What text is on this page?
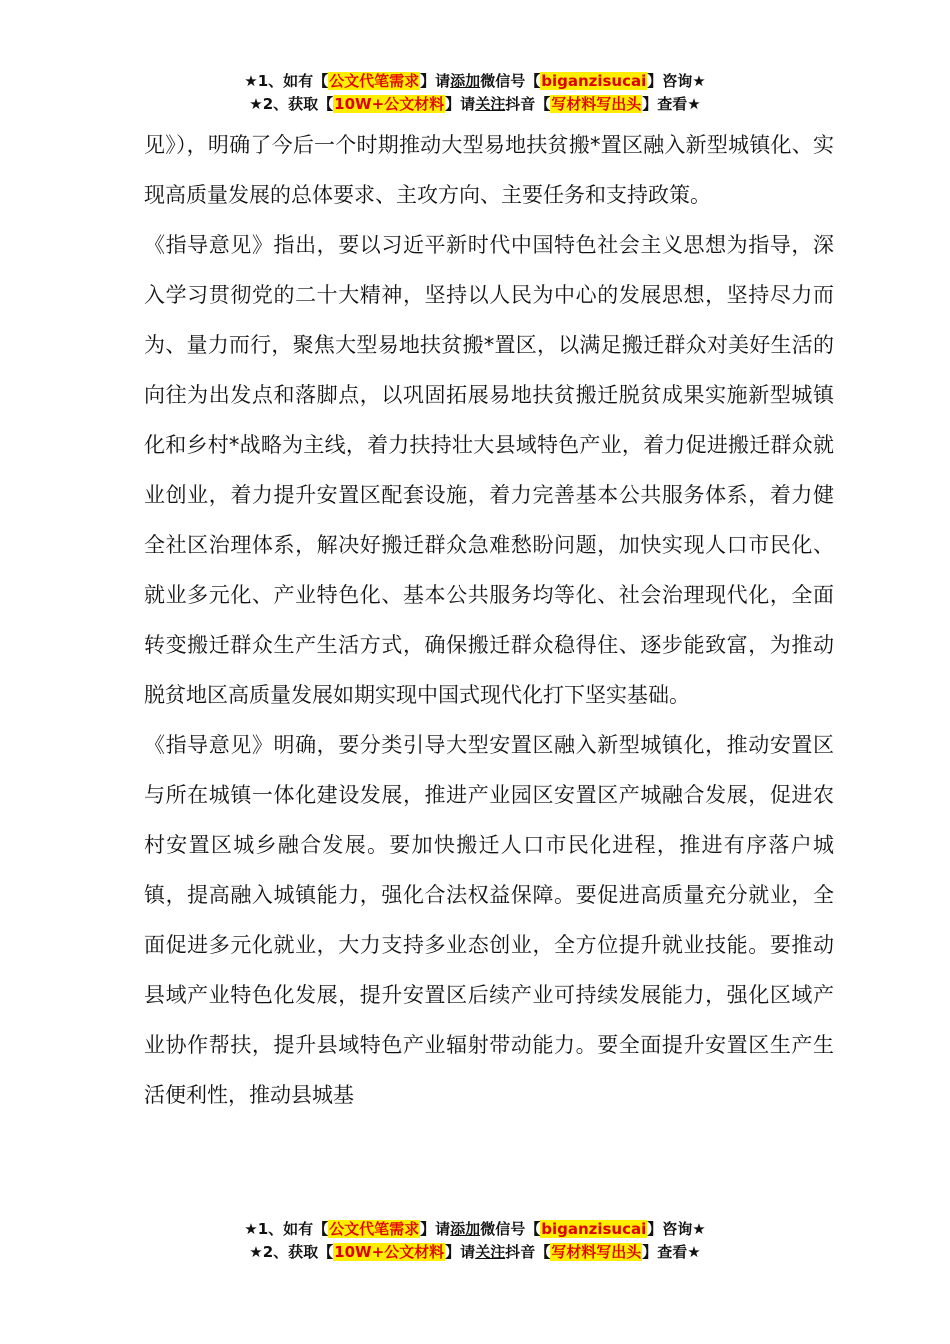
★1、如有【公文代笔需求】请添加微信号【biganzisucai】咨询★
★2、获取【10W+公文材料】请关注抖音【写材料写出头】查看★

见》），明确了今后一个时期推动大型易地扶贫搬*置区融入新型城镇化、实现高质量发展的总体要求、主攻方向、主要任务和支持政策。

《指导意见》指出，要以习近平新时代中国特色社会主义思想为指导，深入学习贯彻党的二十大精神，坚持以人民为中心的发展思想，坚持尽力而为、量力而行，聚焦大型易地扶贫搬*置区，以满足搬迁群众对美好生活的向往为出发点和落脚点，以巩固拓展易地扶贫搬迁脱贫成果实施新型城镇化和乡村*战略为主线，着力扶持壮大县域特色产业，着力促进搬迁群众就业创业，着力提升安置区配套设施，着力完善基本公共服务体系，着力健全社区治理体系，解决好搬迁群众急难愁盼问题，加快实现人口市民化、就业多元化、产业特色化、基本公共服务均等化、社会治理现代化，全面转变搬迁群众生产生活方式，确保搬迁群众稳得住、逐步能致富，为推动脱贫地区高质量发展如期实现中国式现代化打下坚实基础。

《指导意见》明确，要分类引导大型安置区融入新型城镇化，推动安置区与所在城镇一体化建设发展，推进产业园区安置区产城融合发展，促进农村安置区城乡融合发展。要加快搬迁人口市民化进程，推进有序落户城镇，提高融入城镇能力，强化合法权益保障。要促进高质量充分就业，全面促进多元化就业，大力支持多业态创业，全方位提升就业技能。要推动县域产业特色化发展，提升安置区后续产业可持续发展能力，强化区域产业协作帮扶，提升县域特色产业辐射带动能力。要全面提升安置区生产生活便利性，推动县城基

★1、如有【公文代笔需求】请添加微信号【biganzisucai】咨询★
★2、获取【10W+公文材料】请关注抖音【写材料写出头】查看★
